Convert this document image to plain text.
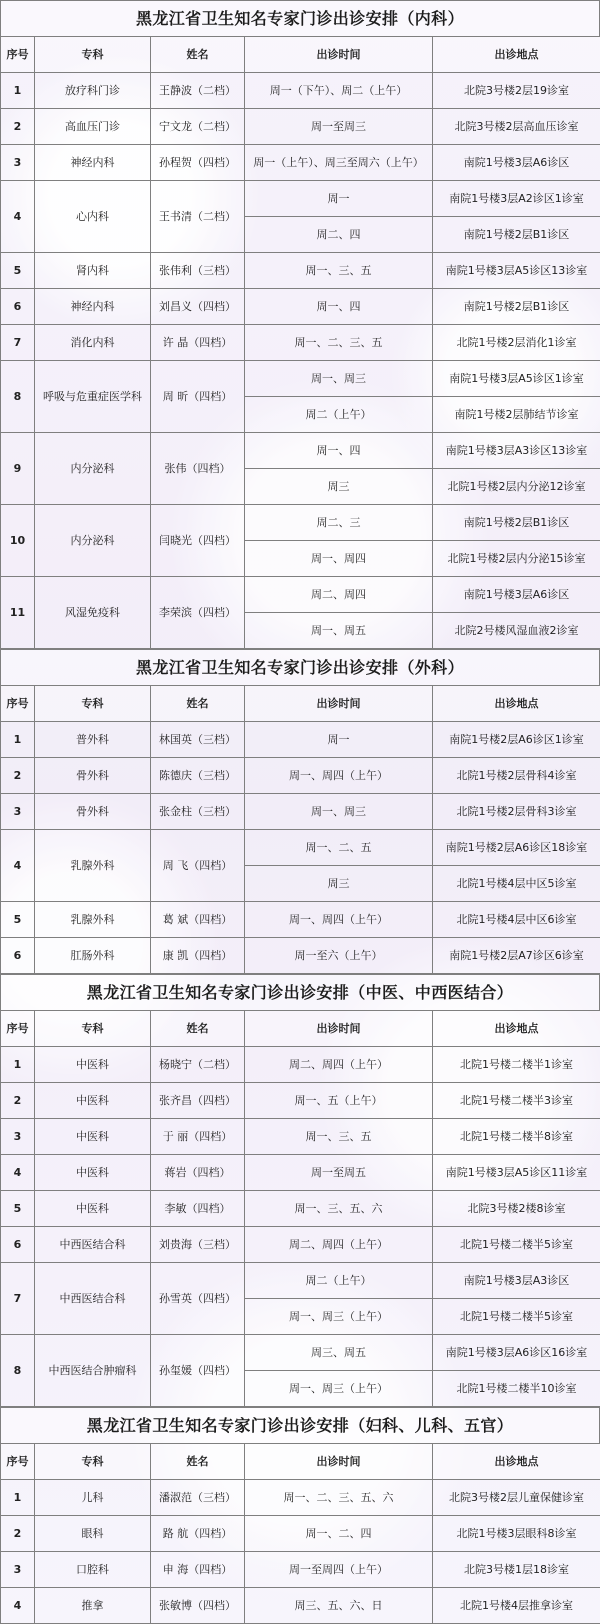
黑龙江省卫生知名专家门诊出诊安排（内科）
序号	专科	姓名	出诊时间	出诊地点
1	放疗科门诊	王静波（二档）	周一（下午）、周二（上午）	北院3号楼2层19诊室
2	高血压门诊	宁文龙（二档）	周一至周三	北院3号楼2层高血压诊室
3	神经内科	孙程贺（四档）	周一（上午）、周三至周六（上午）	南院1号楼3层A6诊区
4	心内科	王书清（二档）	周一	南院1号楼3层A2诊区1诊室
			周二、四	南院1号楼2层B1诊区
5	肾内科	张伟利（三档）	周一、三、五	南院1号楼3层A5诊区13诊室
6	神经内科	刘昌义（四档）	周一、四	南院1号楼2层B1诊区
7	消化内科	许 晶（四档）	周一、二、三、五	北院1号楼2层消化1诊室
8	呼吸与危重症医学科	周 昕（四档）	周一、周三	南院1号楼3层A5诊区1诊室
			周二（上午）	南院1号楼2层肺结节诊室
9	内分泌科	张伟（四档）	周一、四	南院1号楼3层A3诊区13诊室
			周三	北院1号楼2层内分泌12诊室
10	内分泌科	闫晓光（四档）	周二、三	南院1号楼2层B1诊区
			周一、周四	北院1号楼2层内分泌15诊室
11	风湿免疫科	李荣滨（四档）	周二、周四	南院1号楼3层A6诊区
			周一、周五	北院2号楼风湿血液2诊室
黑龙江省卫生知名专家门诊出诊安排（外科）
序号	专科	姓名	出诊时间	出诊地点
1	普外科	林国英（三档）	周一	南院1号楼2层A6诊区1诊室
2	骨外科	陈德庆（三档）	周一、周四（上午）	北院1号楼2层骨科4诊室
3	骨外科	张金柱（三档）	周一、周三	北院1号楼2层骨科3诊室
4	乳腺外科	周 飞（四档）	周一、二、五	南院1号楼2层A6诊区18诊室
			周三	北院1号楼4层中区5诊室
5	乳腺外科	葛 斌（四档）	周一、周四（上午）	北院1号楼4层中区6诊室
6	肛肠外科	康 凯（四档）	周一至六（上午）	南院1号楼2层A7诊区6诊室
黑龙江省卫生知名专家门诊出诊安排（中医、中西医结合）
序号	专科	姓名	出诊时间	出诊地点
1	中医科	杨晓宁（二档）	周二、周四（上午）	北院1号楼二楼半1诊室
2	中医科	张齐昌（四档）	周一、五（上午）	北院1号楼二楼半3诊室
3	中医科	于 丽（四档）	周一、三、五	北院1号楼二楼半8诊室
4	中医科	蒋岩（四档）	周一至周五	南院1号楼3层A5诊区11诊室
5	中医科	李敏（四档）	周一、三、五、六	北院3号楼2楼8诊室
6	中西医结合科	刘贵海（三档）	周二、周四（上午）	北院1号楼二楼半5诊室
7	中西医结合科	孙雪英（四档）	周二（上午）	南院1号楼3层A3诊区
			周一、周三（上午）	北院1号楼二楼半5诊室
8	中西医结合肿瘤科	孙玺媛（四档）	周三、周五	南院1号楼3层A6诊区16诊室
			周一、周三（上午）	北院1号楼二楼半10诊室
黑龙江省卫生知名专家门诊出诊安排（妇科、儿科、五官）
序号	专科	姓名	出诊时间	出诊地点
1	儿科	潘淑范（三档）	周一、二、三、五、六	北院3号楼2层儿童保健诊室
2	眼科	路 航（四档）	周一、二、四	北院1号楼3层眼科8诊室
3	口腔科	申 海（四档）	周一至周四（上午）	北院3号楼1层18诊室
4	推拿	张敏博（四档）	周三、五、六、日	北院1号楼4层推拿诊室
